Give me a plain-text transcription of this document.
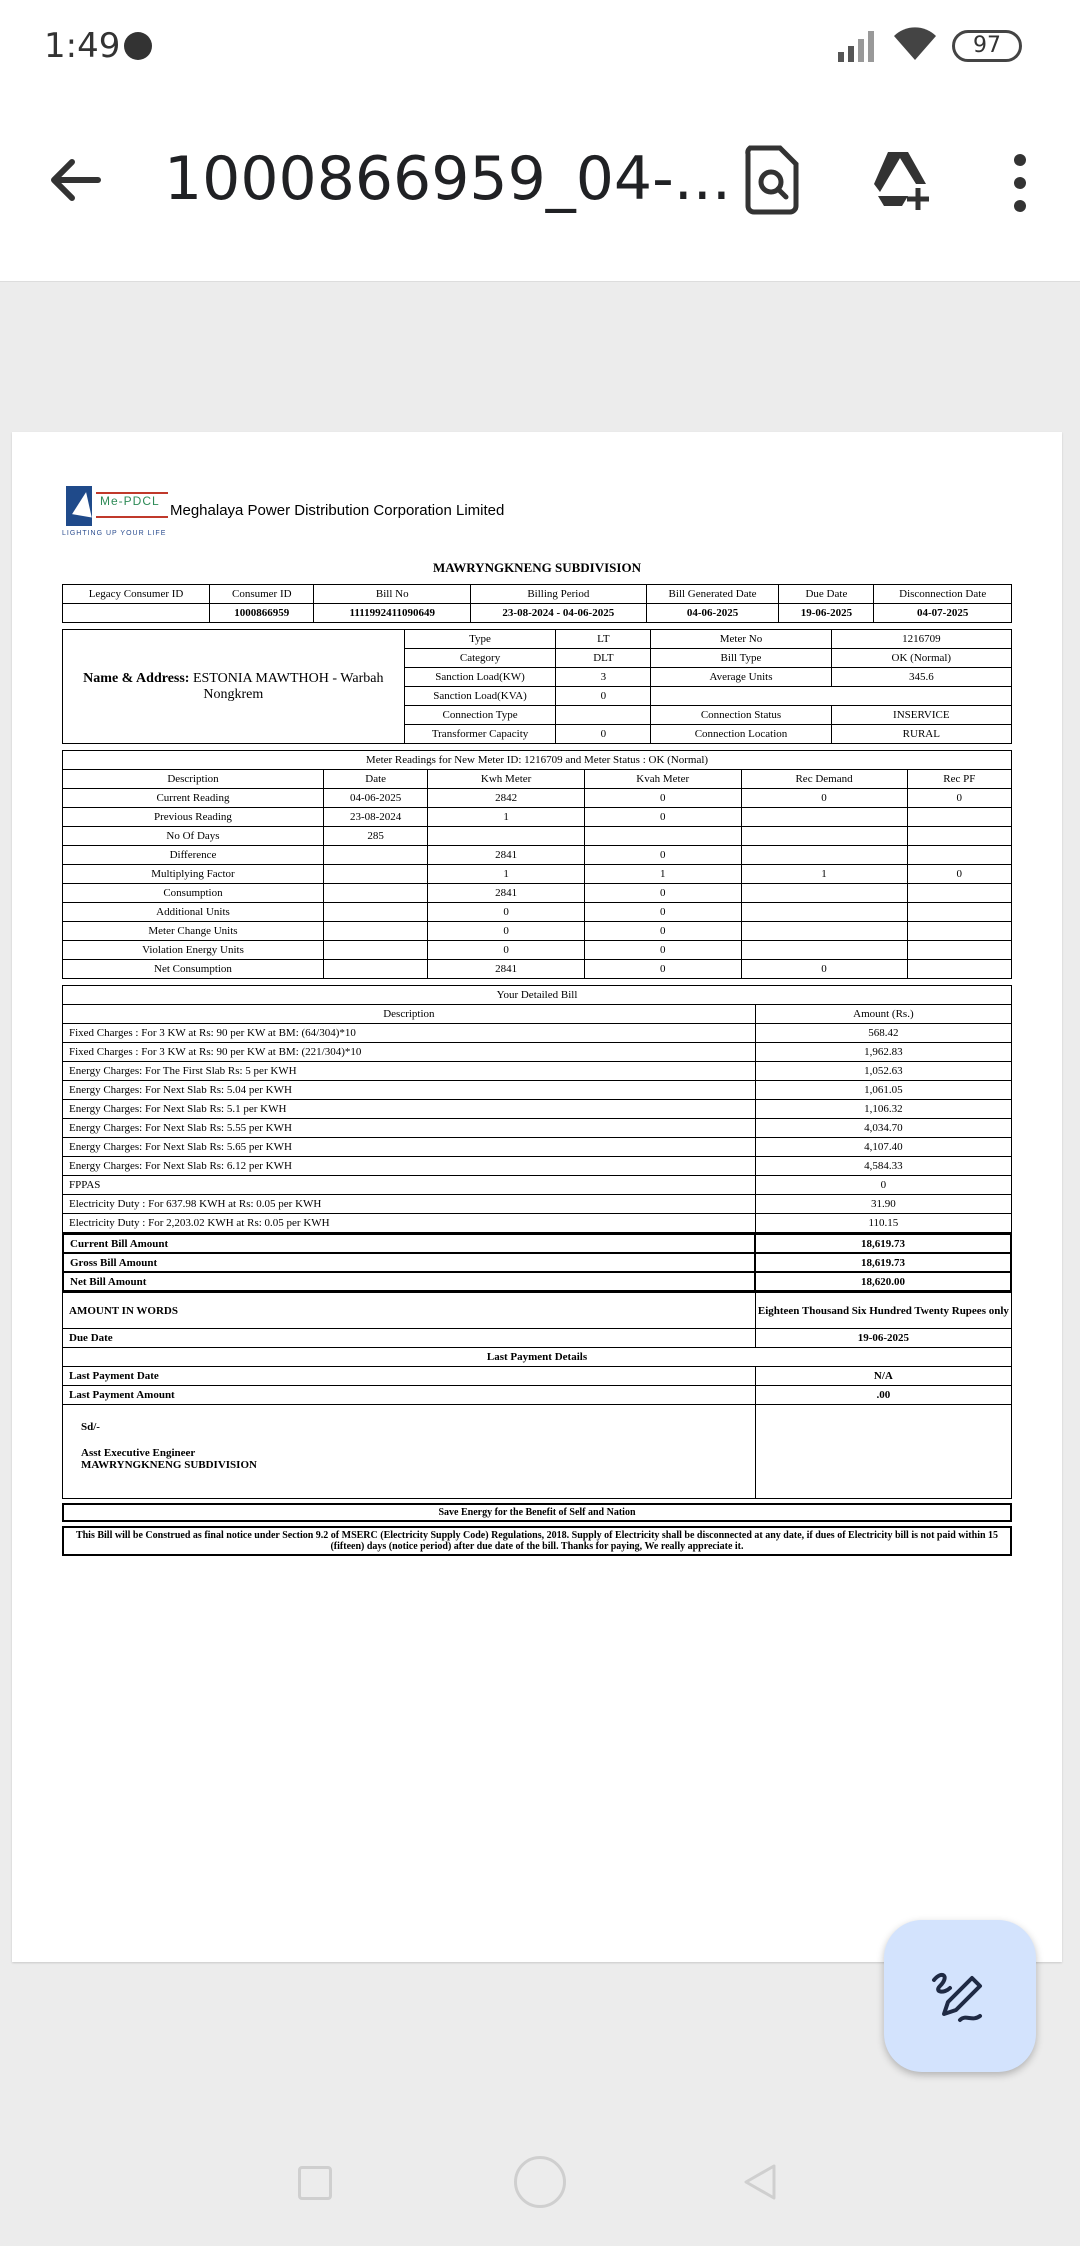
1:49	97
1000866959_04-...
Me-PDCL
LIGHTING UP YOUR LIFE
Meghalaya Power Distribution Corporation Limited
MAWRYNGKNENG SUBDIVISION
Legacy Consumer ID	Consumer ID	Bill No	Billing Period	Bill Generated Date	Due Date	Disconnection Date
	1000866959	1111992411090649	23-08-2024 - 04-06-2025	04-06-2025	19-06-2025	04-07-2025
Name & Address: ESTONIA MAWTHOH - Warbah Nongkrem	Type	LT	Meter No	1216709
	Category	DLT	Bill Type	OK (Normal)
	Sanction Load(KW)	3	Average Units	345.6
	Sanction Load(KVA)	0		
	Connection Type		Connection Status	INSERVICE
	Transformer Capacity	0	Connection Location	RURAL
Meter Readings for New Meter ID: 1216709 and Meter Status : OK (Normal)					
Description	Date	Kwh Meter	Kvah Meter	Rec Demand	Rec PF
Current Reading	04-06-2025	2842	0	0	0
Previous Reading	23-08-2024	1	0		
No Of Days	285				
Difference		2841	0		
Multiplying Factor		1	1	1	0
Consumption		2841	0		
Additional Units		0	0		
Meter Change Units		0	0		
Violation Energy Units		0	0		
Net Consumption		2841	0	0	
Your Detailed Bill	
Description	Amount (Rs.)
Fixed Charges : For 3 KW at Rs: 90 per KW at BM: (64/304)*10	568.42
Fixed Charges : For 3 KW at Rs: 90 per KW at BM: (221/304)*10	1,962.83
Energy Charges: For The First Slab Rs: 5 per KWH	1,052.63
Energy Charges: For Next Slab Rs: 5.04 per KWH	1,061.05
Energy Charges: For Next Slab Rs: 5.1 per KWH	1,106.32
Energy Charges: For Next Slab Rs: 5.55 per KWH	4,034.70
Energy Charges: For Next Slab Rs: 5.65 per KWH	4,107.40
Energy Charges: For Next Slab Rs: 6.12 per KWH	4,584.33
FPPAS	0
Electricity Duty : For 637.98 KWH at Rs: 0.05 per KWH	31.90
Electricity Duty : For 2,203.02 KWH at Rs: 0.05 per KWH	110.15
Current Bill Amount	18,619.73
Gross Bill Amount	18,619.73
Net Bill Amount	18,620.00
AMOUNT IN WORDS	Eighteen Thousand Six Hundred Twenty Rupees only
Due Date	19-06-2025
Last Payment Details	
Last Payment Date	N/A
Last Payment Amount	.00

Sd/-
Asst Executive Engineer
MAWRYNGKNENG SUBDIVISION	

Save Energy for the Benefit of Self and Nation
This Bill will be Construed as final notice under Section 9.2 of MSERC (Electricity Supply Code) Regulations, 2018. Supply of Electricity shall be disconnected at any date, if dues of Electricity bill is not paid within 15 (fifteen) days (notice period) after due date of the bill. Thanks for paying, We really appreciate it.
